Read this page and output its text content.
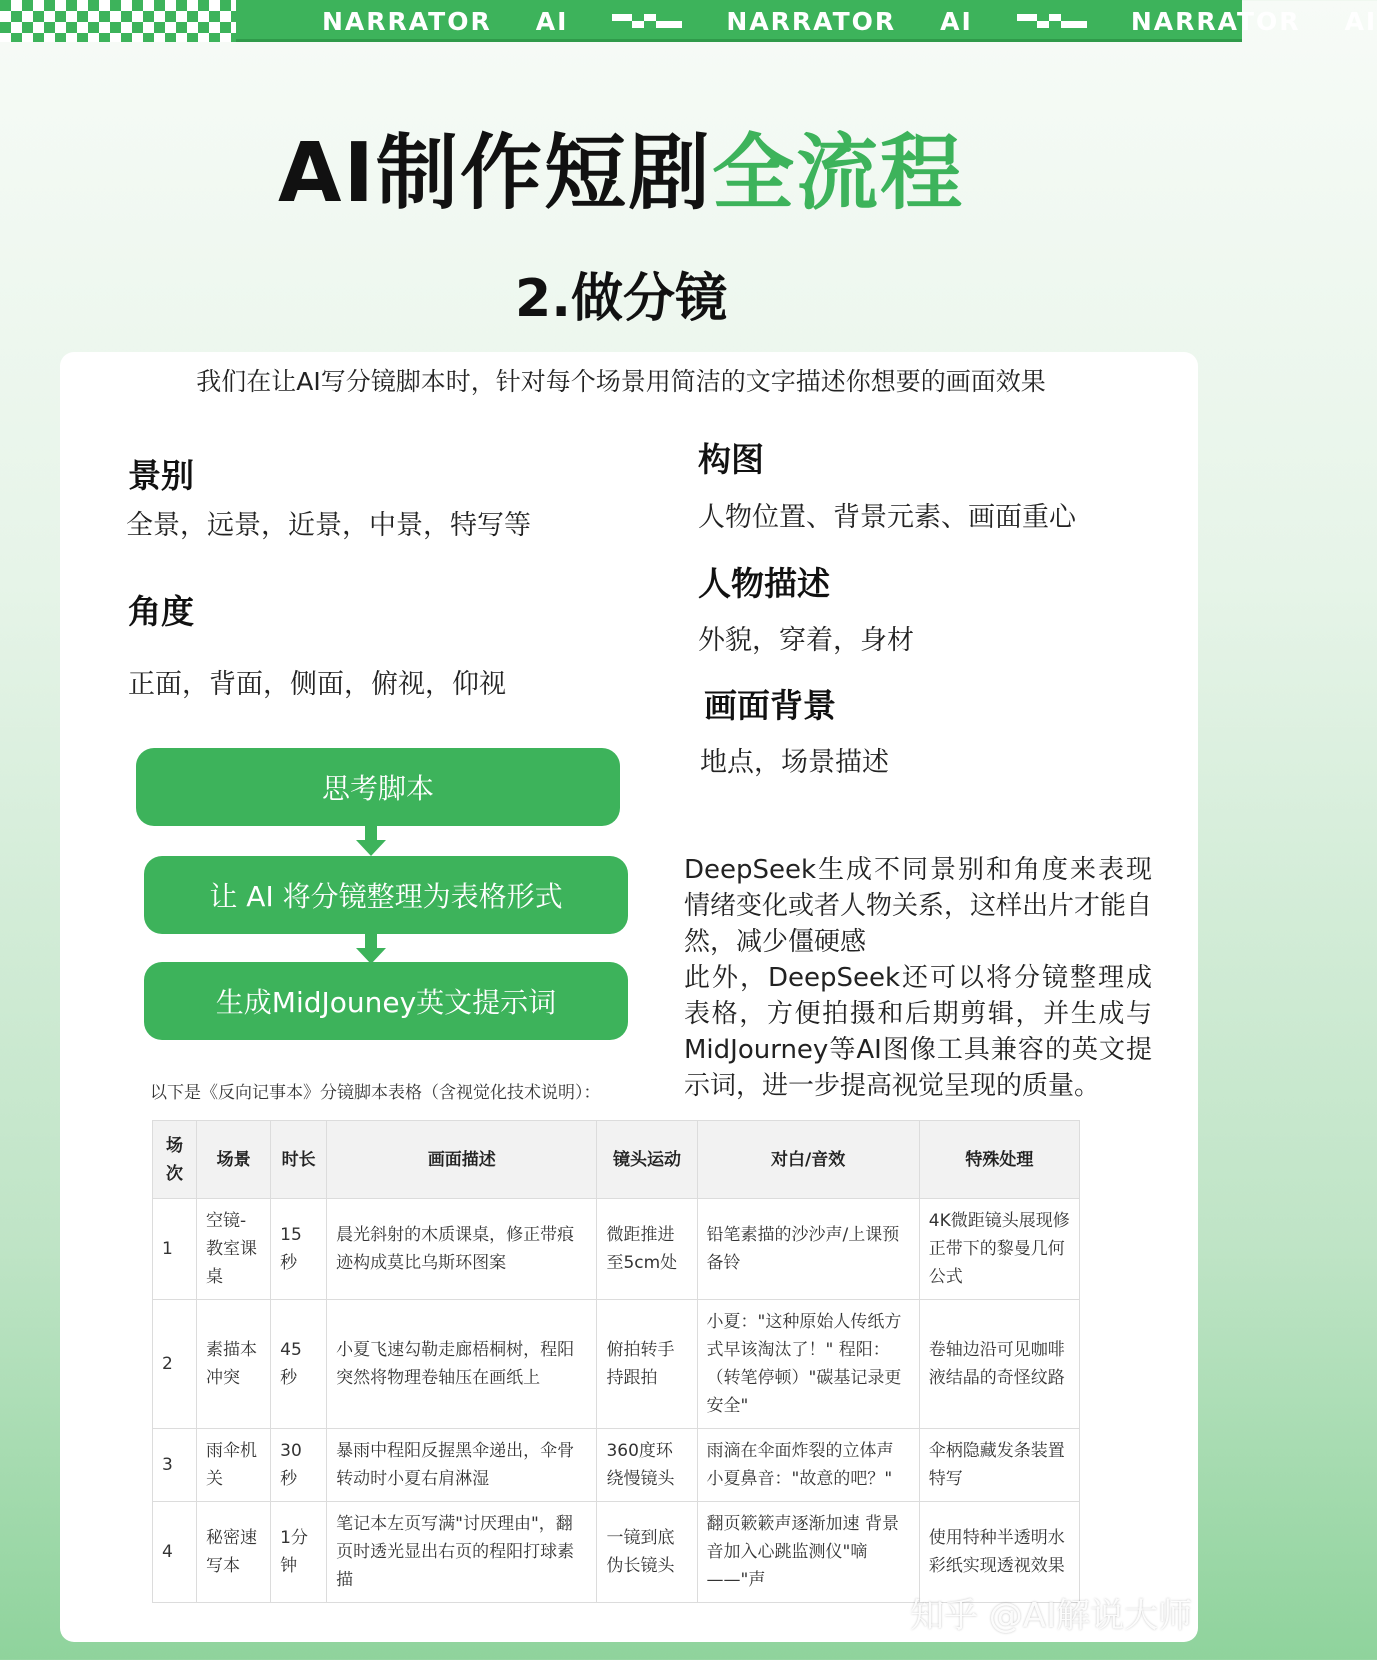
NARRATOR AI	NARRATOR AI	NARRATOR AI
AI制作短剧全流程
2.做分镜

我们在让AI写分镜脚本时，针对每个场景用简洁的文字描述你想要的画面效果

景别
全景，远景，近景，中景，特写等
角度
正面，背面，侧面，俯视，仰视
构图
人物位置、背景元素、画面重心
人物描述
外貌，穿着，身材
画面背景
地点，场景描述
思考脚本
让 AI 将分镜整理为表格形式
生成MidJouney英文提示词
DeepSeek生成不同景别和角度来表现情绪变化或者人物关系，这样出片才能自然，减少僵硬感
此外，DeepSeek还可以将分镜整理成表格，方便拍摄和后期剪辑，并生成与MidJourney等AI图像工具兼容的英文提示词，进一步提高视觉呈现的质量。
以下是《反向记事本》分镜脚本表格（含视觉化技术说明）：
场次	场景	时长	画面描述	镜头运动	对白/音效	特殊处理
1	空镜-教室课桌	15秒	晨光斜射的木质课桌，修正带痕迹构成莫比乌斯环图案	微距推进至5cm处	铅笔素描的沙沙声/上课预备铃	4K微距镜头展现修正带下的黎曼几何公式
2	素描本冲突	45秒	小夏飞速勾勒走廊梧桐树，程阳突然将物理卷轴压在画纸上	俯拍转手持跟拍	小夏："这种原始人传纸方式早该淘汰了！" 程阳：（转笔停顿）"碳基记录更安全"	卷轴边沿可见咖啡液结晶的奇怪纹路
3	雨伞机关	30秒	暴雨中程阳反握黑伞递出，伞骨转动时小夏右肩淋湿	360度环绕慢镜头	雨滴在伞面炸裂的立体声 小夏鼻音："故意的吧？"	伞柄隐藏发条装置特写
4	秘密速写本	1分钟	笔记本左页写满"讨厌理由"，翻页时透光显出右页的程阳打球素描	一镜到底伪长镜头	翻页簌簌声逐渐加速 背景音加入心跳监测仪"嘀——"声	使用特种半透明水彩纸实现透视效果
知乎 @AI解说大师
